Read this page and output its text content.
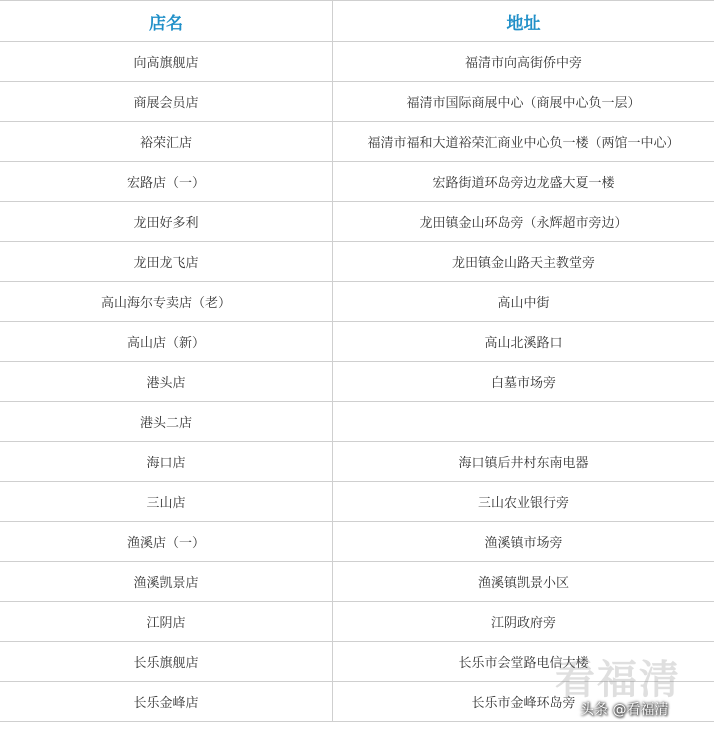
店名	地址
向高旗舰店	福清市向高街侨中旁
商展会员店	福清市国际商展中心（商展中心负一层）
裕荣汇店	福清市福和大道裕荣汇商业中心负一楼（两馆一中心）
宏路店（一）	宏路街道环岛旁边龙盛大夏一楼
龙田好多利	龙田镇金山环岛旁（永辉超市旁边）
龙田龙飞店	龙田镇金山路天主教堂旁
高山海尔专卖店（老）	高山中街
高山店（新）	高山北溪路口
港头店	白墓市场旁
港头二店
海口店	海口镇后井村东南电器
三山店	三山农业银行旁
渔溪店（一）	渔溪镇市场旁
渔溪凯景店	渔溪镇凯景小区
江阴店	江阴政府旁
长乐旗舰店	长乐市会堂路电信大楼
长乐金峰店	长乐市金峰环岛旁
看福清
头条 @看福清
